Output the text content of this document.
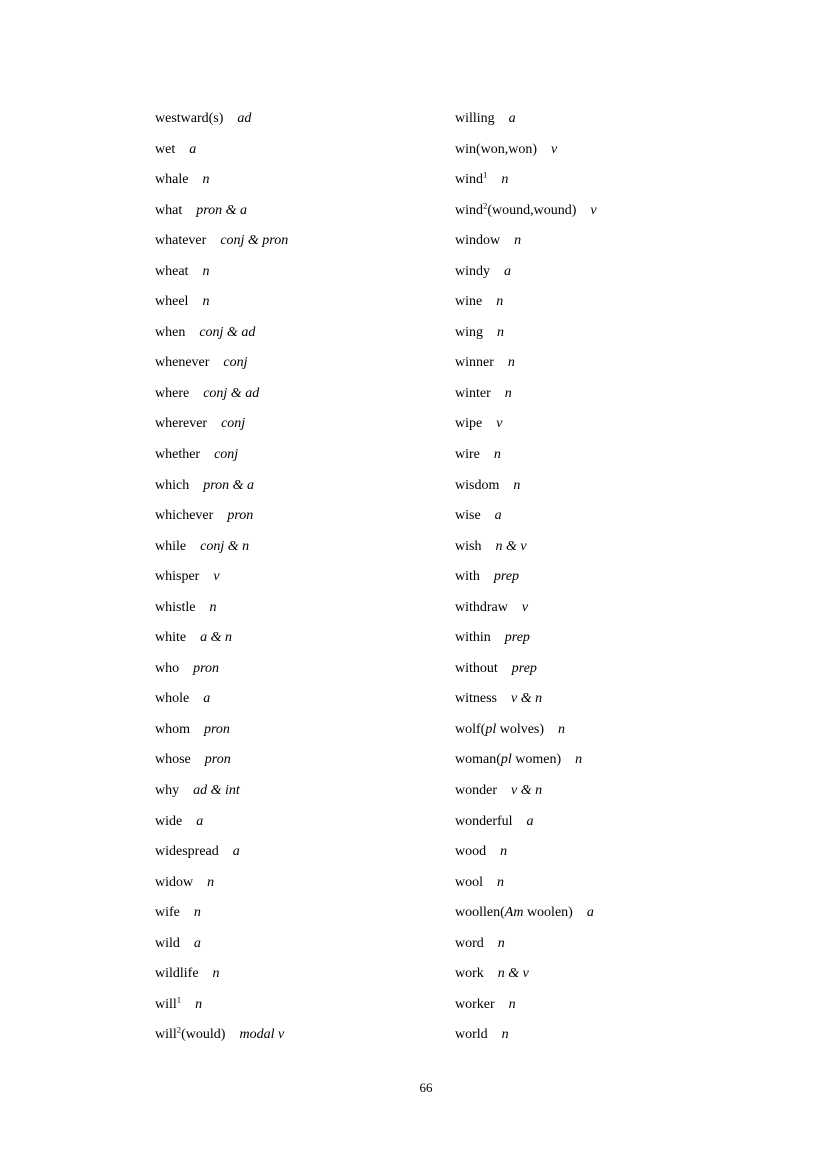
westward(s) ad
wet a
whale n
what pron & a
whatever conj & pron
wheat n
wheel n
when conj & ad
whenever conj
where conj & ad
wherever conj
whether conj
which pron & a
whichever pron
while conj & n
whisper v
whistle n
white a & n
who pron
whole a
whom pron
whose pron
why ad & int
wide a
widespread a
widow n
wife n
wild a
wildlife n
will$^1$ n
will$^2$(would) modal v
willing a
win(won,won) v
wind$^1$ n
wind$^2$(wound,wound) v
window n
windy a
wine n
wing n
winner n
winter n
wipe v
wire n
wisdom n
wise a
wish n & v
with prep
withdraw v
within prep
without prep
witness v & n
wolf(pl wolves) n
woman(pl women) n
wonder v & n
wonderful a
wood n
wool n
woollen(Am woolen) a
word n
work n & v
worker n
world n
66
